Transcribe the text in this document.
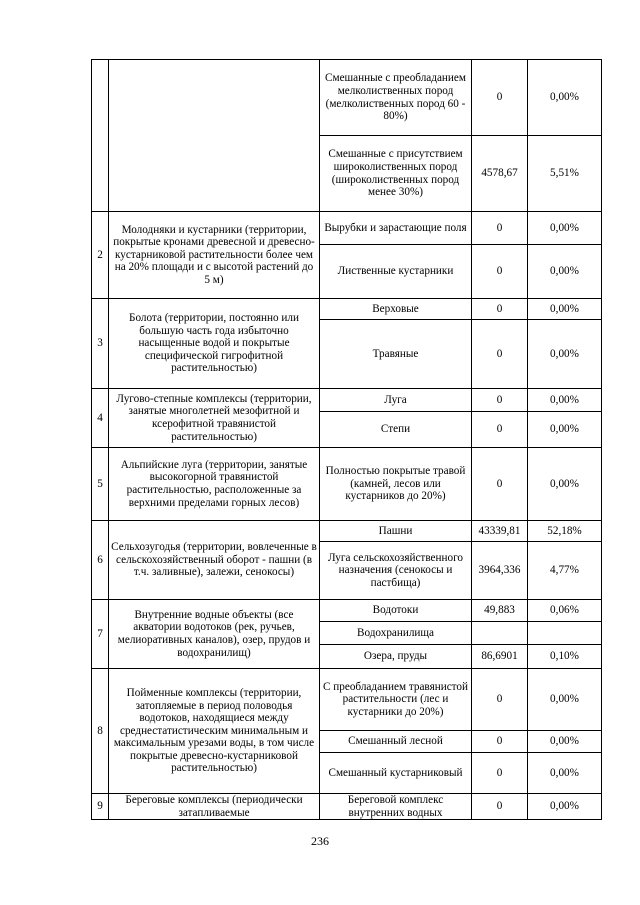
		Смешанные с преобладанием мелколиственных пород (мелколиственных пород 60 - 80%)	0	0,00%
		Смешанные с присутствием широколиственных пород (широколиственных пород менее 30%)	4578,67	5,51%
2	Молодняки и кустарники (территории, покрытые кронами древесной и древесно-кустарниковой растительности более чем на 20% площади и с высотой растений до 5 м)	Вырубки и зарастающие поля	0	0,00%
		Лиственные кустарники	0	0,00%
3	Болота (территории, постоянно или большую часть года избыточно насыщенные водой и покрытые специфической гигрофитной растительностью)	Верховые	0	0,00%
		Травяные	0	0,00%
4	Лугово-степные комплексы (территории, занятые многолетней мезофитной и ксерофитной травянистой растительностью)	Луга	0	0,00%
		Степи	0	0,00%
5	Альпийские луга (территории, занятые высокогорной травянистой растительностью, расположенные за верхними пределами горных лесов)	Полностью покрытые травой (камней, лесов или кустарников до 20%)	0	0,00%
6	Сельхозугодья (территории, вовлеченные в сельскохозяйственный оборот - пашни (в т.ч. заливные), залежи, сенокосы)	Пашни	43339,81	52,18%
		Луга сельскохозяйственного назначения (сенокосы и пастбища)	3964,336	4,77%
7	Внутренние водные объекты (все акватории водотоков (рек, ручьев, мелиоративных каналов), озер, прудов и водохранилищ)	Водотоки	49,883	0,06%
		Водохранилища		
		Озера, пруды	86,6901	0,10%
8	Пойменные комплексы (территории, затопляемые в период половодья водотоков, находящиеся между среднестатистическим минимальным и максимальным урезами воды, в том числе покрытые древесно-кустарниковой растительностью)	С преобладанием травянистой растительности (лес и кустарники до 20%)	0	0,00%
		Смешанный лесной	0	0,00%
		Смешанный кустарниковый	0	0,00%
9	Береговые комплексы (периодически затапливаемые	Береговой комплекс внутренних водных	0	0,00%
236
